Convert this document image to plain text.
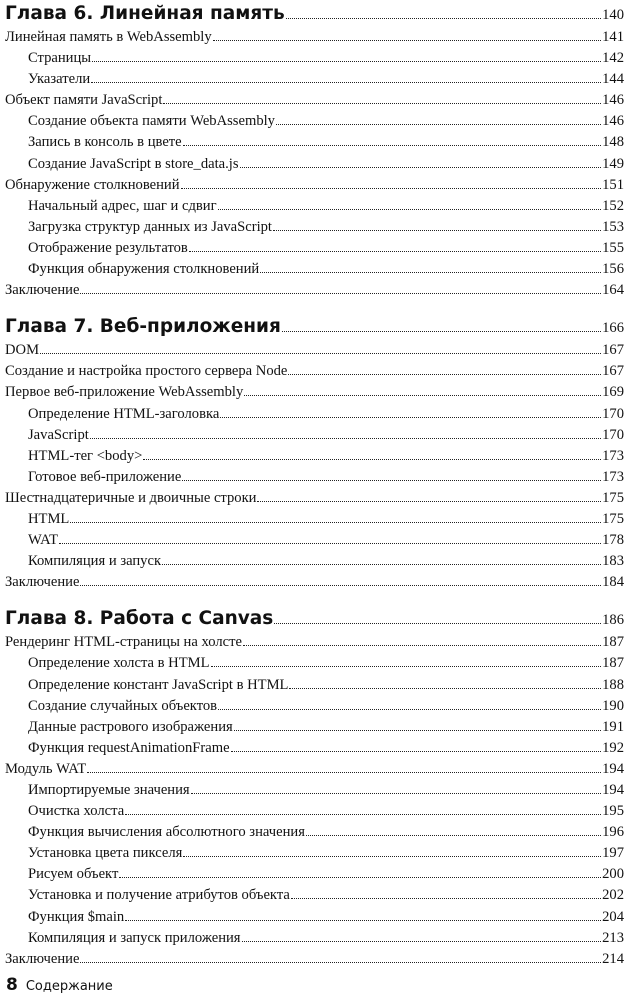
Глава 6. Линейная память	140
Линейная память в WebAssembly	141
Страницы	142
Указатели	144
Объект памяти JavaScript	146
Создание объекта памяти WebAssembly	146
Запись в консоль в цвете	148
Создание JavaScript в store_data.js	149
Обнаружение столкновений	151
Начальный адрес, шаг и сдвиг	152
Загрузка структур данных из JavaScript	153
Отображение результатов	155
Функция обнаружения столкновений	156
Заключение	164
Глава 7. Веб-приложения	166
DOM	167
Создание и настройка простого сервера Node	167
Первое веб-приложение WebAssembly	169
Определение HTML-заголовка	170
JavaScript	170
HTML-тег <body>	173
Готовое веб-приложение	173
Шестнадцатеричные и двоичные строки	175
HTML	175
WAT	178
Компиляция и запуск	183
Заключение	184
Глава 8. Работа с Canvas	186
Рендеринг HTML-страницы на холсте	187
Определение холста в HTML	187
Определение констант JavaScript в HTML	188
Создание случайных объектов	190
Данные растрового изображения	191
Функция requestAnimationFrame	192
Модуль WAT	194
Импортируемые значения	194
Очистка холста	195
Функция вычисления абсолютного значения	196
Установка цвета пикселя	197
Рисуем объект	200
Установка и получение атрибутов объекта	202
Функция $main	204
Компиляция и запуск приложения	213
Заключение	214
8 Содержание
